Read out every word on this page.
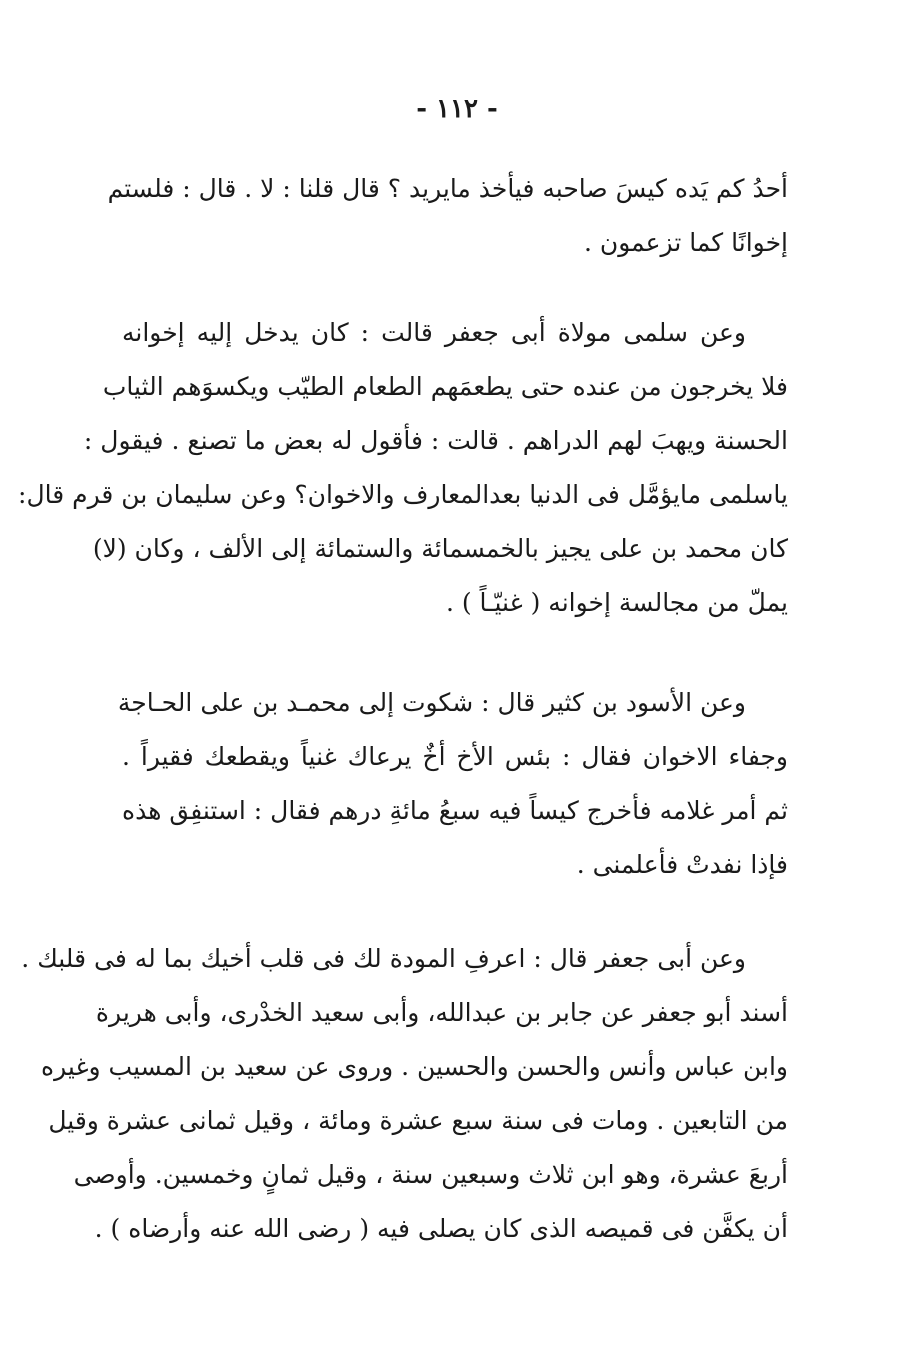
- ١١٢ -
أحدُ كم يَده كيسَ صاحبه فيأخذ مايريد ؟ قال قلنا : لا . قال : فلستم
إخوانًا كما تزعمون .
وعن سلمى مولاة أبى جعفر قالت : كان يدخل إليه إخوانه
فلا يخرجون من عنده حتى يطعمَهم الطعام الطيّب ويكسوَهم الثياب
الحسنة ويهبَ لهم الدراهم . قالت : فأقول له بعض ما تصنع . فيقول :
ياسلمى مايؤمَّل فى الدنيا بعدالمعارف والاخوان؟ وعن سليمان بن قرم قال:
كان محمد بن على يجيز بالخمسمائة والستمائة إلى الألف ، وكان (لا)
يملّ من مجالسة إخوانه ( غنيّـاً ) .
وعن الأسود بن كثير قال : شكوت إلى محمـد بن على الحـاجة
وجفاء الاخوان فقال : بئس الأخ أخٌ يرعاك غنياً ويقطعك فقيراً .
ثم أمر غلامه فأخرج كيساً فيه سبعُ مائةِ درهم فقال : استنفِق هذه
فإذا نفدتْ فأعلمنى .
وعن أبى جعفر قال : اعرفِ المودة لك فى قلب أخيك بما له فى قلبك .
أسند أبو جعفر عن جابر بن عبدالله، وأبى سعيد الخدْرى، وأبى هريرة
وابن عباس وأنس والحسن والحسين . وروى عن سعيد بن المسيب وغيره
من التابعين . ومات فى سنة سبع عشرة ومائة ، وقيل ثمانى عشرة وقيل
أربعَ عشرة، وهو ابن ثلاث وسبعين سنة ، وقيل ثمانٍ وخمسين. وأوصى
أن يكفَّن فى قميصه الذى كان يصلى فيه ( رضى الله عنه وأرضاه ) .
